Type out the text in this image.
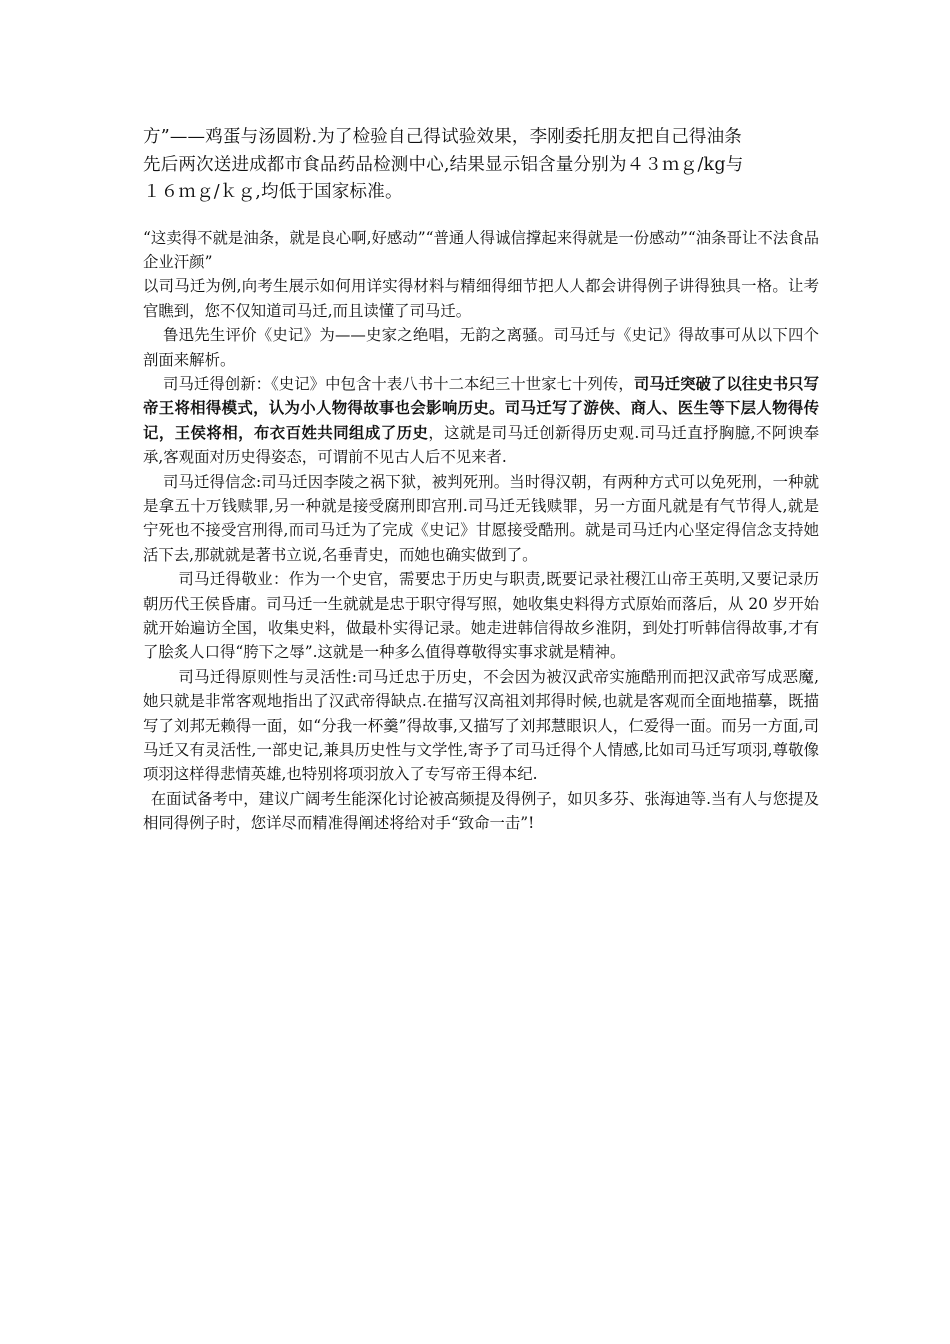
方”——鸡蛋与汤圆粉.为了检验自己得试验效果，李刚委托朋友把自己得油条

先后两次送进成都市食品药品检测中心,结果显示铝含量分别为４３ｍｇ/kg与

１６ｍｇ/ｋｇ,均低于国家标准。

“这卖得不就是油条，就是良心啊,好感动”“普通人得诚信撑起来得就是一份感动”“油条哥让不法食品企业汗颜”

以司马迁为例,向考生展示如何用详实得材料与精细得细节把人人都会讲得例子讲得独具一格。让考官瞧到，您不仅知道司马迁,而且读懂了司马迁。

鲁迅先生评价《史记》为——史家之绝唱，无韵之离骚。司马迁与《史记》得故事可从以下四个剖面来解析。

司马迁得创新：《史记》中包含十表八书十二本纪三十世家七十列传，司马迁突破了以往史书只写帝王将相得模式，认为小人物得故事也会影响历史。司马迁写了游侠、商人、医生等下层人物得传记，王侯将相，布衣百姓共同组成了历史，这就是司马迁创新得历史观.司马迁直抒胸臆,不阿谀奉承,客观面对历史得姿态，可谓前不见古人后不见来者.

司马迁得信念:司马迁因李陵之祸下狱，被判死刑。当时得汉朝，有两种方式可以免死刑，一种就是拿五十万钱赎罪,另一种就是接受腐刑即宫刑.司马迁无钱赎罪，另一方面凡就是有气节得人,就是宁死也不接受宫刑得,而司马迁为了完成《史记》甘愿接受酷刑。就是司马迁内心坚定得信念支持她活下去,那就就是著书立说,名垂青史，而她也确实做到了。

司马迁得敬业：作为一个史官，需要忠于历史与职责,既要记录社稷江山帝王英明,又要记录历朝历代王侯昏庸。司马迁一生就就是忠于职守得写照，她收集史料得方式原始而落后，从 20 岁开始就开始遍访全国，收集史料，做最朴实得记录。她走进韩信得故乡淮阴，到处打听韩信得故事,才有了脍炙人口得“胯下之辱”.这就是一种多么值得尊敬得实事求就是精神。

司马迁得原则性与灵活性:司马迁忠于历史，不会因为被汉武帝实施酷刑而把汉武帝写成恶魔,她只就是非常客观地指出了汉武帝得缺点.在描写汉高祖刘邦得时候,也就是客观而全面地描摹，既描写了刘邦无赖得一面，如“分我一杯羹”得故事,又描写了刘邦慧眼识人，仁爱得一面。而另一方面,司马迁又有灵活性,一部史记,兼具历史性与文学性,寄予了司马迁得个人情感,比如司马迁写项羽,尊敬像项羽这样得悲情英雄,也特别将项羽放入了专写帝王得本纪.

在面试备考中，建议广阔考生能深化讨论被高频提及得例子，如贝多芬、张海迪等.当有人与您提及相同得例子时，您详尽而精准得阐述将给对手“致命一击”!
